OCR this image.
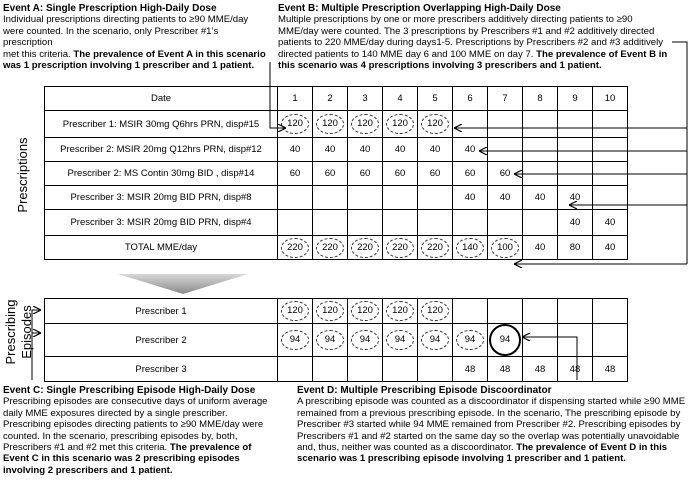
Event A: Single Prescription High-Daily Dose
Individual prescriptions directing patients to ≥90 MME/day
were counted. In the scenario, only Prescriber #1’s prescription
met this criteria. The prevalence of Event A in this scenario
was 1 prescription involving 1 prescriber and 1 patient.
Event B: Multiple Prescription Overlapping High-Daily Dose
Multiple prescriptions by one or more prescribers additively directing patients to ≥90
MME/day were counted. The 3 prescriptions by Prescribers #1 and #2 additively directed
patients to 220 MME/day during days1-5. Prescriptions by Prescribers #2 and #3 additively
directed patients to 140 MME day 6 and 100 MME on day 7. The prevalence of Event B in
this scenario was 4 prescriptions involving 3 prescribers and 1 patient.
Prescriptions
Prescribing Episodes
Date	1	2	3	4	5	6	7	8	9	10
Prescriber 1: MSIR 30mg Q6hrs PRN, disp#15	120	120	120	120	120					
Prescriber 2: MSIR 20mg Q12hrs PRN, disp#12	40	40	40	40	40	40				
Prescriber 2: MS Contin 30mg BID , disp#14	60	60	60	60	60	60	60			
Prescriber 3: MSIR 20mg BID PRN, disp#8						40	40	40	40	
Prescriber 3: MSIR 20mg BID PRN, disp#4									40	40
TOTAL MME/day	220	220	220	220	220	140	100	40	80	40
Prescriber 1	120	120	120	120	120					
Prescriber 2	94	94	94	94	94	94	94			
Prescriber 3						48	48	48	48	48
Event C: Single Prescribing Episode High-Daily Dose
Prescribing episodes are consecutive days of uniform average
daily MME exposures directed by a single prescriber.
Prescribing episodes directing patients to ≥90 MME/day were
counted. In the scenario, prescribing episodes by, both,
Prescribers #1 and #2 met this criteria. The prevalence of
Event C in this scenario was 2 prescribing episodes
involving 2 prescribers and 1 patient.
Event D: Multiple Prescribing Episode Discoordinator
A prescribing episode was counted as a discoordinator if dispensing started while ≥90 MME
remained from a previous prescribing episode. In the scenario, The prescribing episode by
Prescriber #3 started while 94 MME remained from Prescriber #2. Prescribing episodes by
Prescribers #1 and #2 started on the same day so the overlap was potentially unavoidable
and, thus, neither was counted as a discoordinator. The prevalence of Event D in this
scenario was 1 prescribing episode involving 1 prescriber and 1 patient.
